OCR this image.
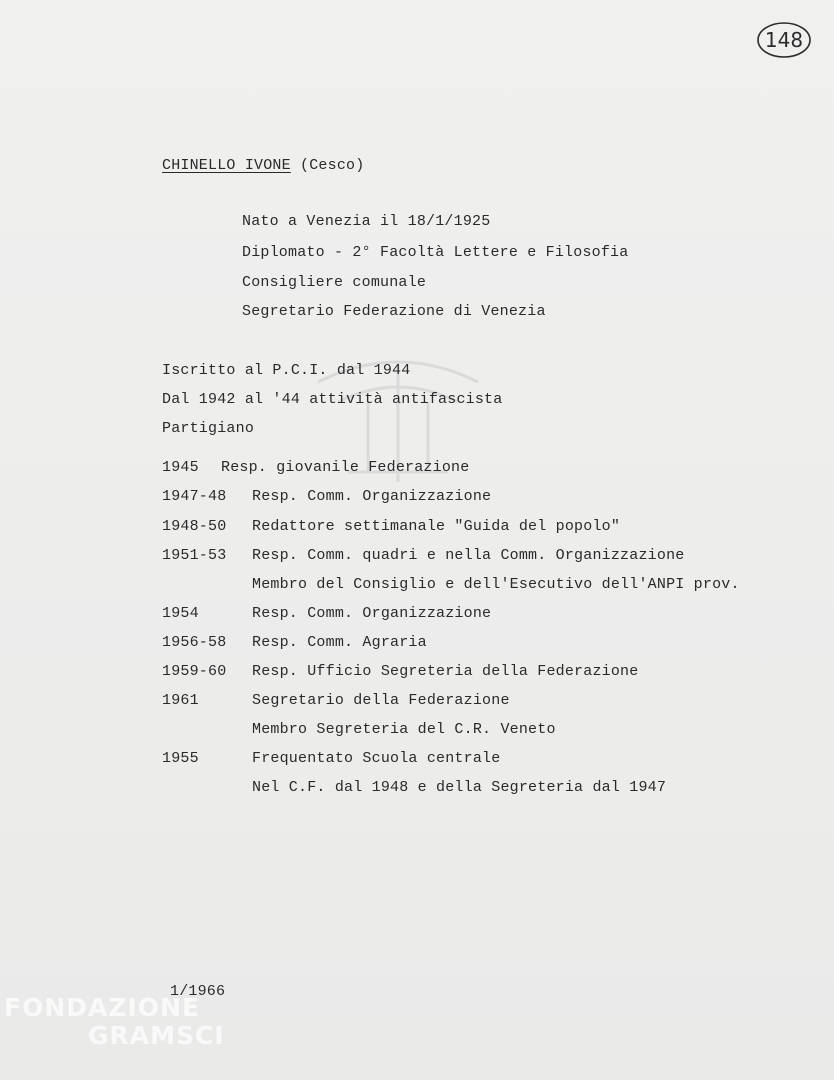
148
CHINELLO IVONE (Cesco)
Nato a Venezia il 18/1/1925
Diplomato - 2° Facoltà Lettere e Filosofia
Consigliere comunale
Segretario Federazione di Venezia
Iscritto al P.C.I. dal 1944
Dal 1942 al '44 attività antifascista
Partigiano
1945 Resp. giovanile Federazione
1947-48 Resp. Comm. Organizzazione
1948-50 Redattore settimanale "Guida del popolo"
1951-53 Resp. Comm. quadri e nella Comm. Organizzazione
Membro del Consiglio e dell'Esecutivo dell'ANPI prov.
1954	Resp. Comm. Organizzazione
1956-58 Resp. Comm. Agraria
1959-60 Resp. Ufficio Segreteria della Federazione
1961	Segretario della Federazione
Membro Segreteria del C.R. Veneto
1955	Frequentato Scuola centrale
Nel C.F. dal 1948 e della Segreteria dal 1947
1/1966
FONDAZIONE
GRAMSCI
